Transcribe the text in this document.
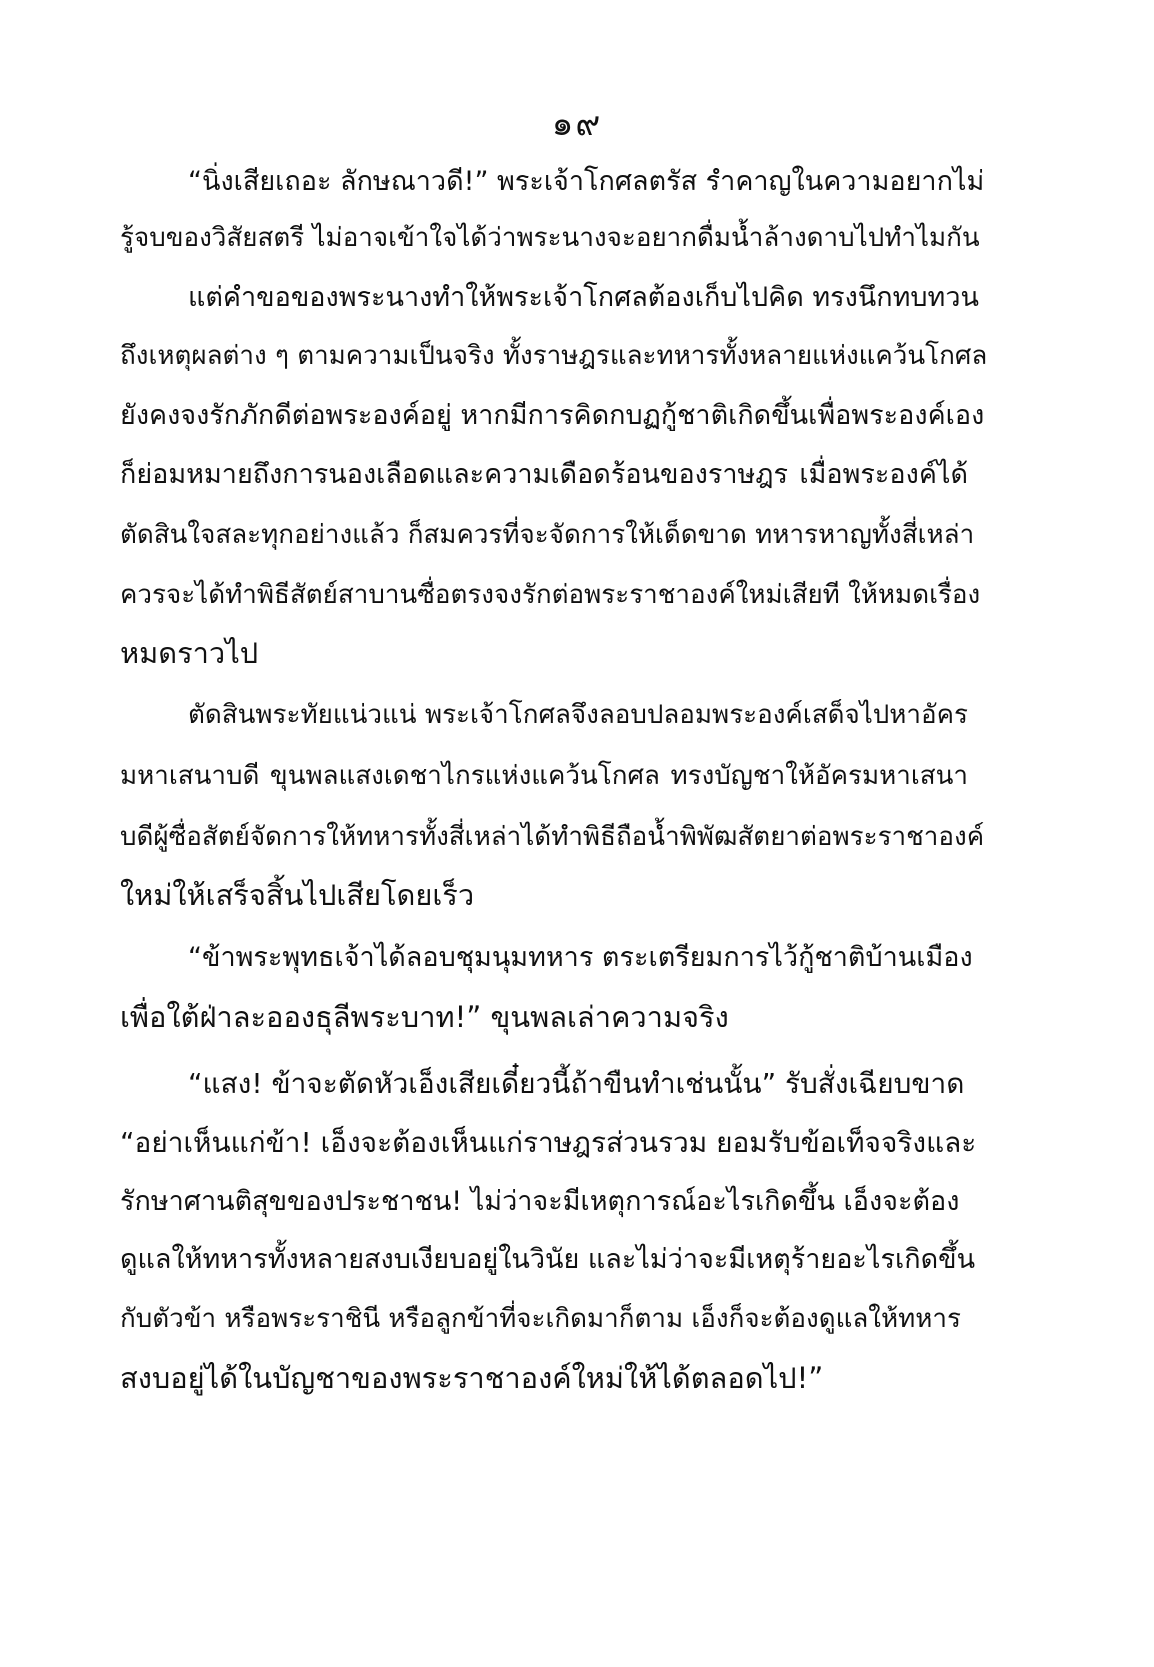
๑๙
“นิ่งเสียเถอะ ลักษณาวดี!” พระเจ้าโกศลตรัส รำคาญในความอยากไม่
รู้จบของวิสัยสตรี ไม่อาจเข้าใจได้ว่าพระนางจะอยากดื่มน้ำล้างดาบไปทำไมกัน
แต่คำขอของพระนางทำให้พระเจ้าโกศลต้องเก็บไปคิด ทรงนึกทบทวน
ถึงเหตุผลต่าง ๆ ตามความเป็นจริง ทั้งราษฎรและทหารทั้งหลายแห่งแคว้นโกศล
ยังคงจงรักภักดีต่อพระองค์อยู่ หากมีการคิดกบฏกู้ชาติเกิดขึ้นเพื่อพระองค์เอง
ก็ย่อมหมายถึงการนองเลือดและความเดือดร้อนของราษฎร เมื่อพระองค์ได้
ตัดสินใจสละทุกอย่างแล้ว ก็สมควรที่จะจัดการให้เด็ดขาด ทหารหาญทั้งสี่เหล่า
ควรจะได้ทำพิธีสัตย์สาบานซื่อตรงจงรักต่อพระราชาองค์ใหม่เสียที ให้หมดเรื่อง
หมดราวไป
ตัดสินพระทัยแน่วแน่ พระเจ้าโกศลจึงลอบปลอมพระองค์เสด็จไปหาอัคร
มหาเสนาบดี ขุนพลแสงเดชาไกรแห่งแคว้นโกศล ทรงบัญชาให้อัครมหาเสนา
บดีผู้ซื่อสัตย์จัดการให้ทหารทั้งสี่เหล่าได้ทำพิธีถือน้ำพิพัฒสัตยาต่อพระราชาองค์
ใหม่ให้เสร็จสิ้นไปเสียโดยเร็ว
“ข้าพระพุทธเจ้าได้ลอบชุมนุมทหาร ตระเตรียมการไว้กู้ชาติบ้านเมือง
เพื่อใต้ฝ่าละอองธุลีพระบาท!” ขุนพลเล่าความจริง
“แสง! ข้าจะตัดหัวเอ็งเสียเดี๋ยวนี้ถ้าขืนทำเช่นนั้น” รับสั่งเฉียบขาด
“อย่าเห็นแก่ข้า! เอ็งจะต้องเห็นแก่ราษฎรส่วนรวม ยอมรับข้อเท็จจริงและ
รักษาศานติสุขของประชาชน! ไม่ว่าจะมีเหตุการณ์อะไรเกิดขึ้น เอ็งจะต้อง
ดูแลให้ทหารทั้งหลายสงบเงียบอยู่ในวินัย และไม่ว่าจะมีเหตุร้ายอะไรเกิดขึ้น
กับตัวข้า หรือพระราชินี หรือลูกข้าที่จะเกิดมาก็ตาม เอ็งก็จะต้องดูแลให้ทหาร
สงบอยู่ได้ในบัญชาของพระราชาองค์ใหม่ให้ได้ตลอดไป!”
